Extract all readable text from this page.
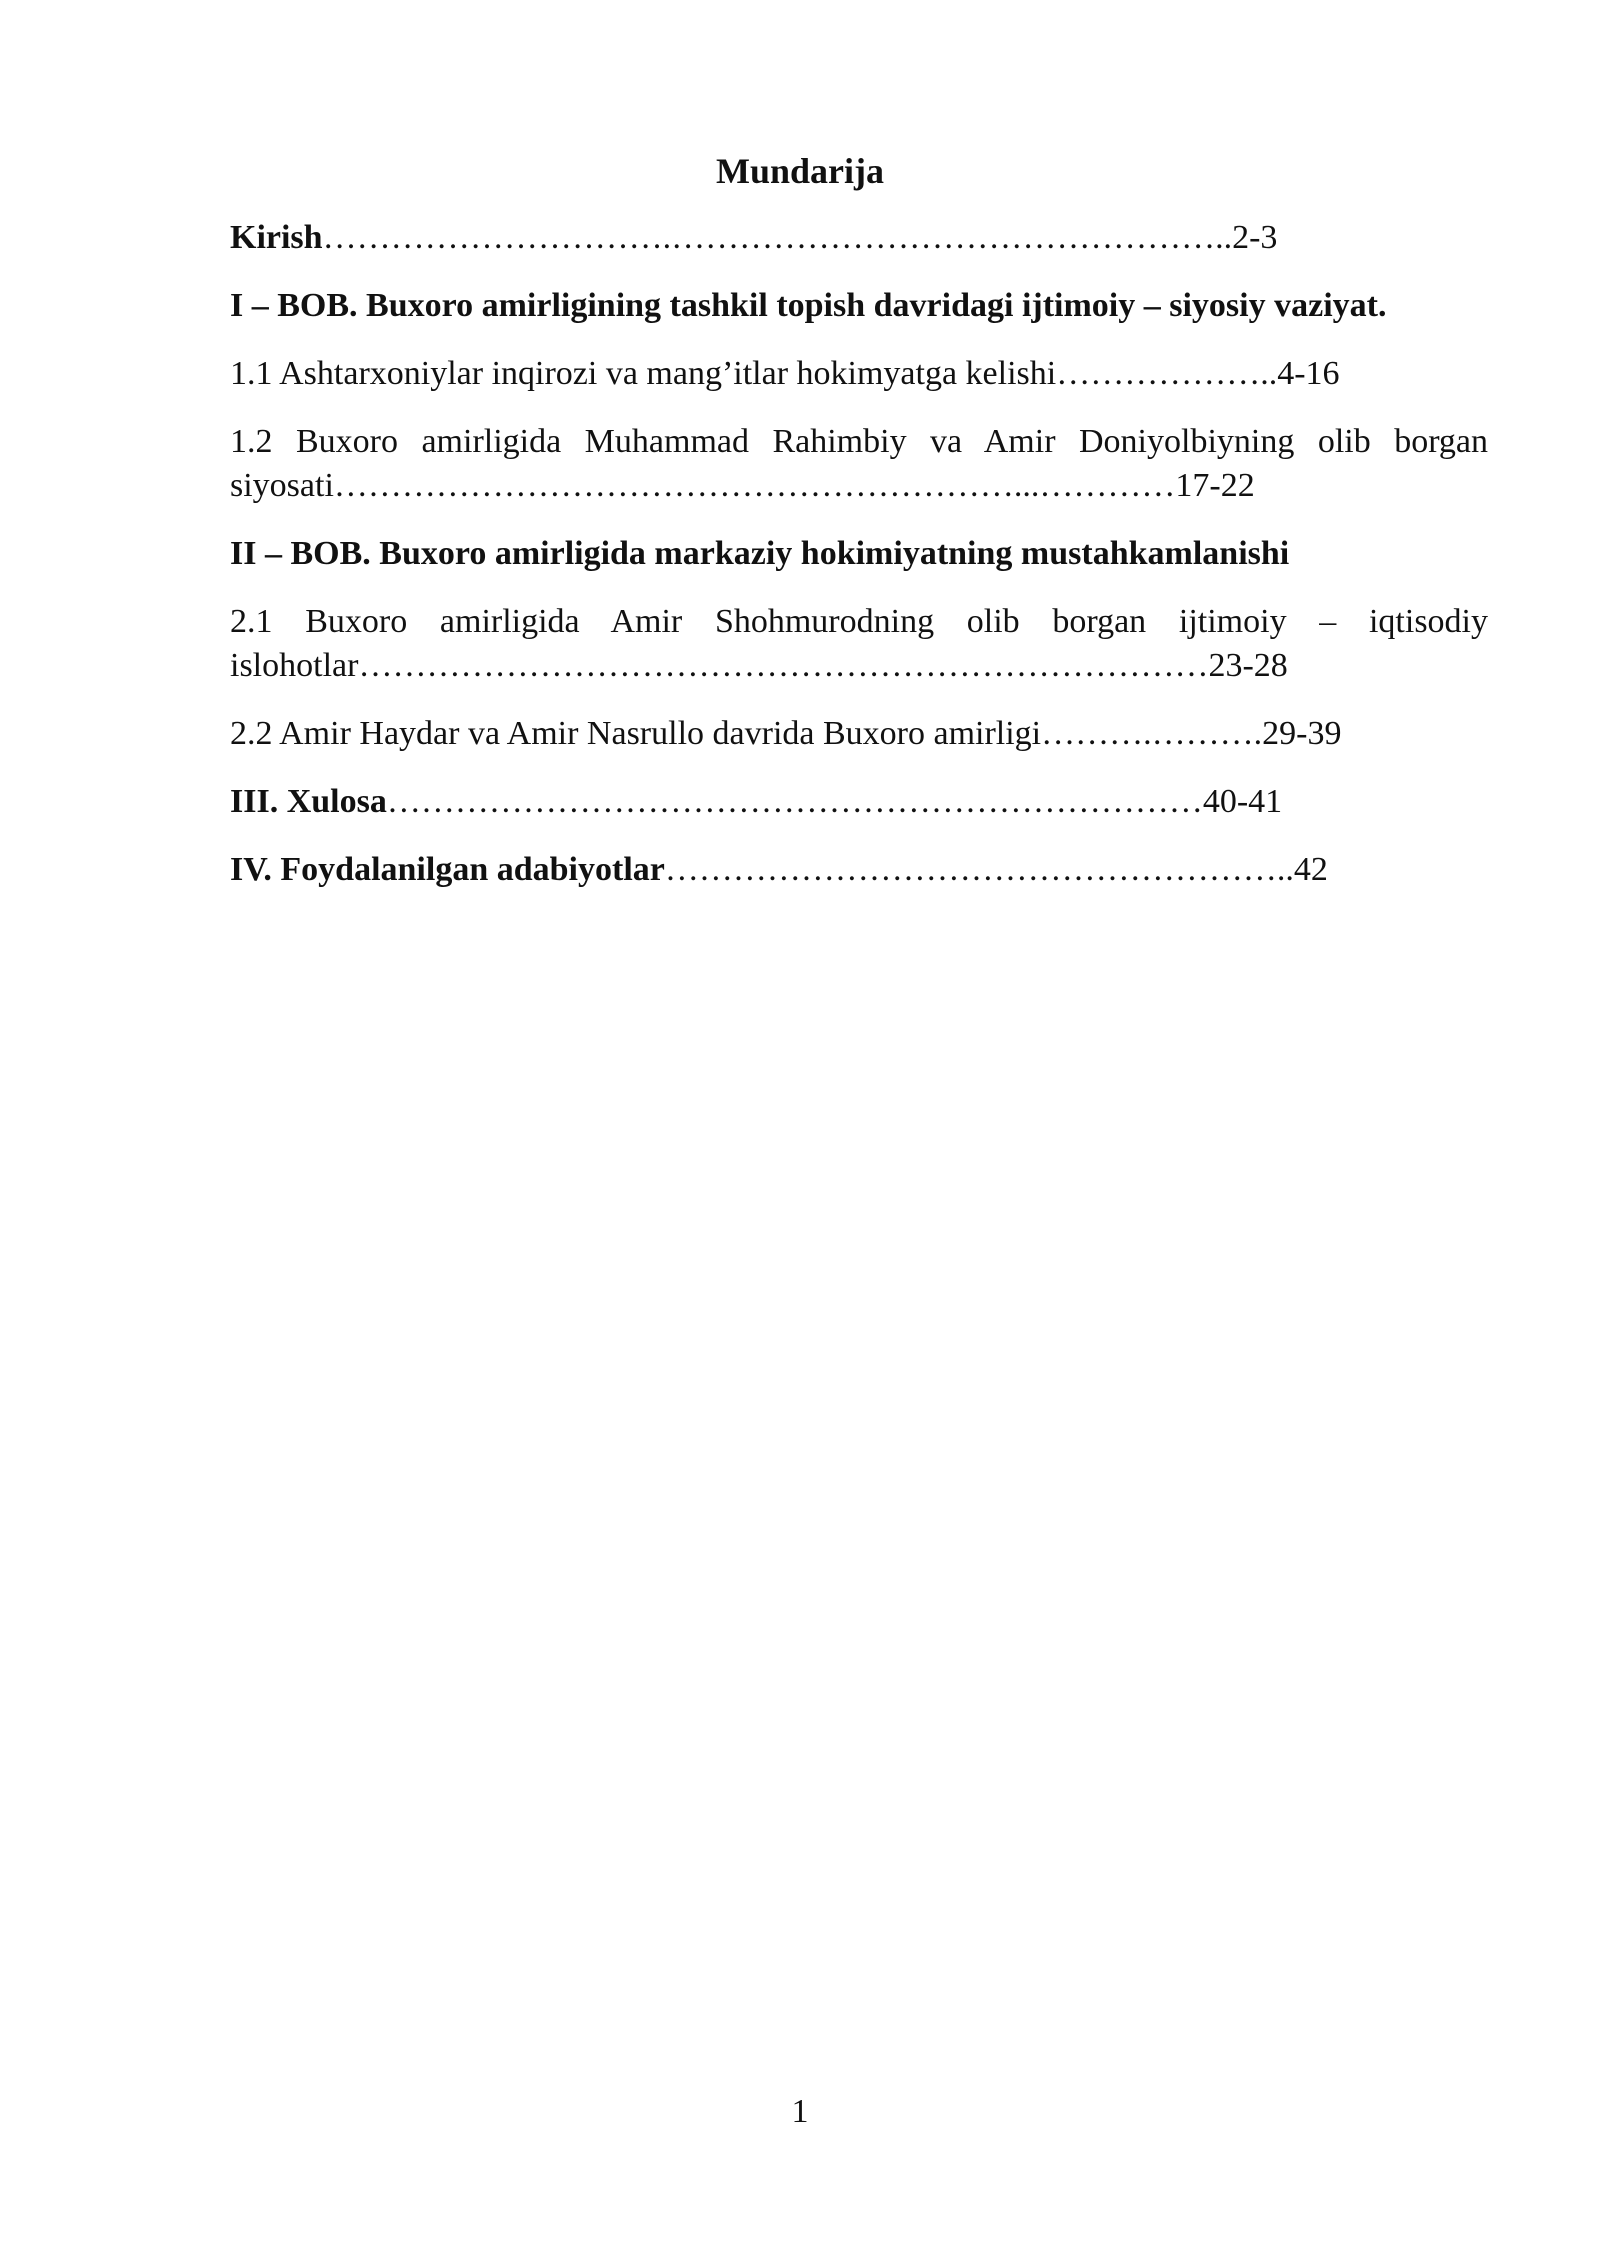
Mundarija
Kirish………………………….…………………………………………..2-3
I – BOB. Buxoro amirligining tashkil topish davridagi ijtimoiy – siyosiy vaziyat.
1.1 Ashtarxoniylar inqirozi va mang’itlar hokimyatga kelishi………………..4-16
1.2 Buxoro amirligida Muhammad Rahimbiy va Amir Doniyolbiyning olib borgan
siyosati……………………………………………………...…………17-22
II – BOB. Buxoro amirligida markaziy hokimiyatning mustahkamlanishi
2.1 Buxoro amirligida Amir Shohmurodning olib borgan ijtimoiy – iqtisodiy
islohotlar…………………………………………………………………23-28
2.2 Amir Haydar va Amir Nasrullo davrida Buxoro amirligi……….……….29-39
III. Xulosa………………………………………………………………40-41
IV. Foydalanilgan adabiyotlar………………………………………………..42
1
